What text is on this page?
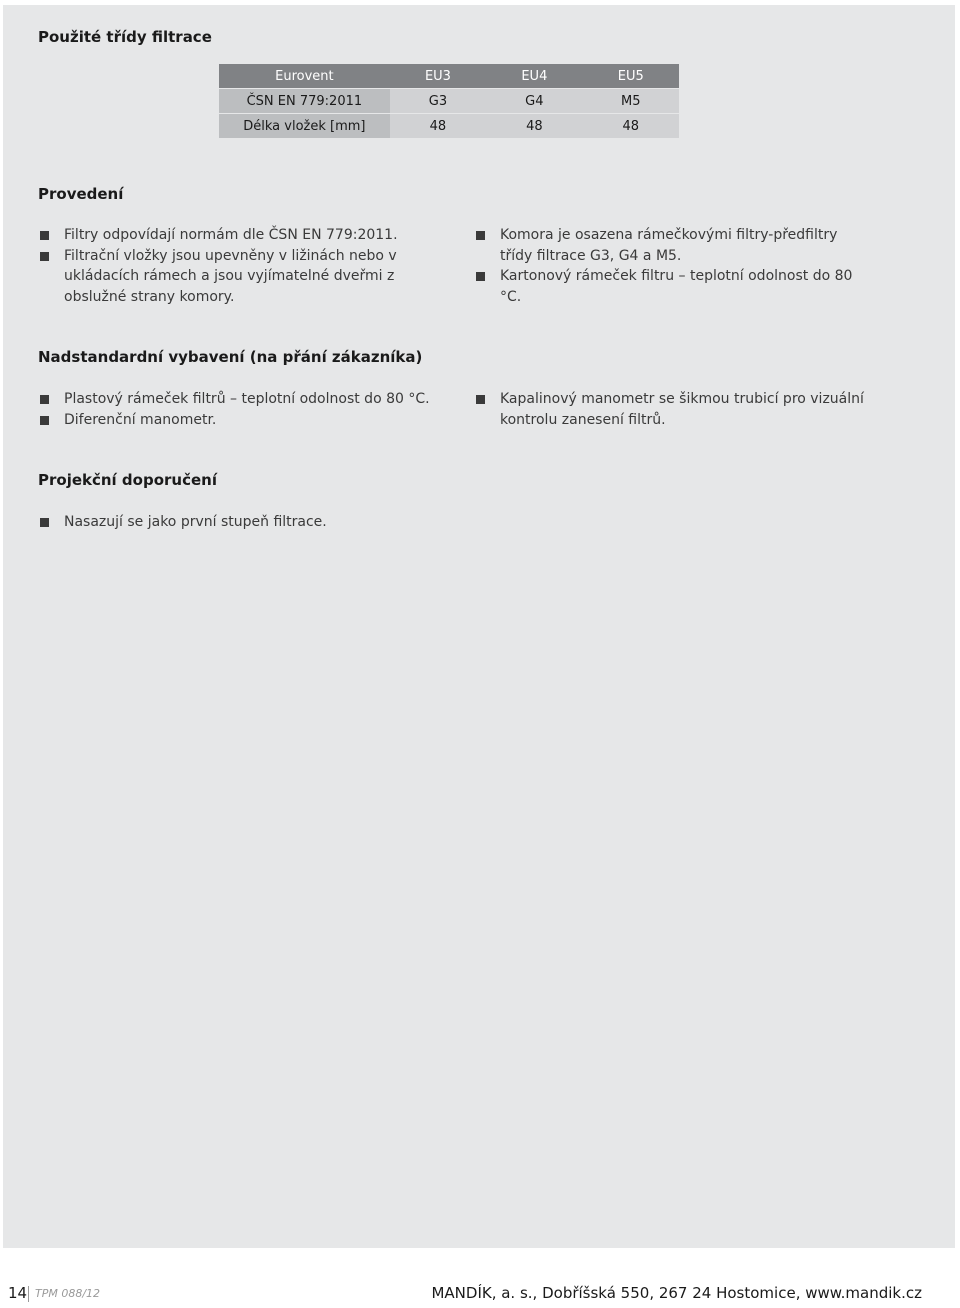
Použité třídy filtrace
Eurovent	EU3	EU4	EU5
ČSN EN 779:2011	G3	G4	M5
Délka vložek [mm]	48	48	48
Provedení
Filtry odpovídají normám dle ČSN EN 779:2011.
Filtrační vložky jsou upevněny v ližinách nebo v ukládacích rámech a jsou vyjímatelné dveřmi z obslužné strany komory.
Komora je osazena rámečkovými filtry-předfiltry třídy filtrace G3, G4 a M5.
Kartonový rámeček filtru – teplotní odolnost do 80 °C.
Nadstandardní vybavení (na přání zákazníka)
Plastový rámeček filtrů – teplotní odolnost do 80 °C.
Diferenční manometr.
Kapalinový manometr se šikmou trubicí pro vizuální kontrolu zanesení filtrů.
Projekční doporučení
Nasazují se jako první stupeň filtrace.
14 TPM 088/12	MANDÍK, a. s., Dobříšská 550, 267 24 Hostomice, www.mandik.cz
